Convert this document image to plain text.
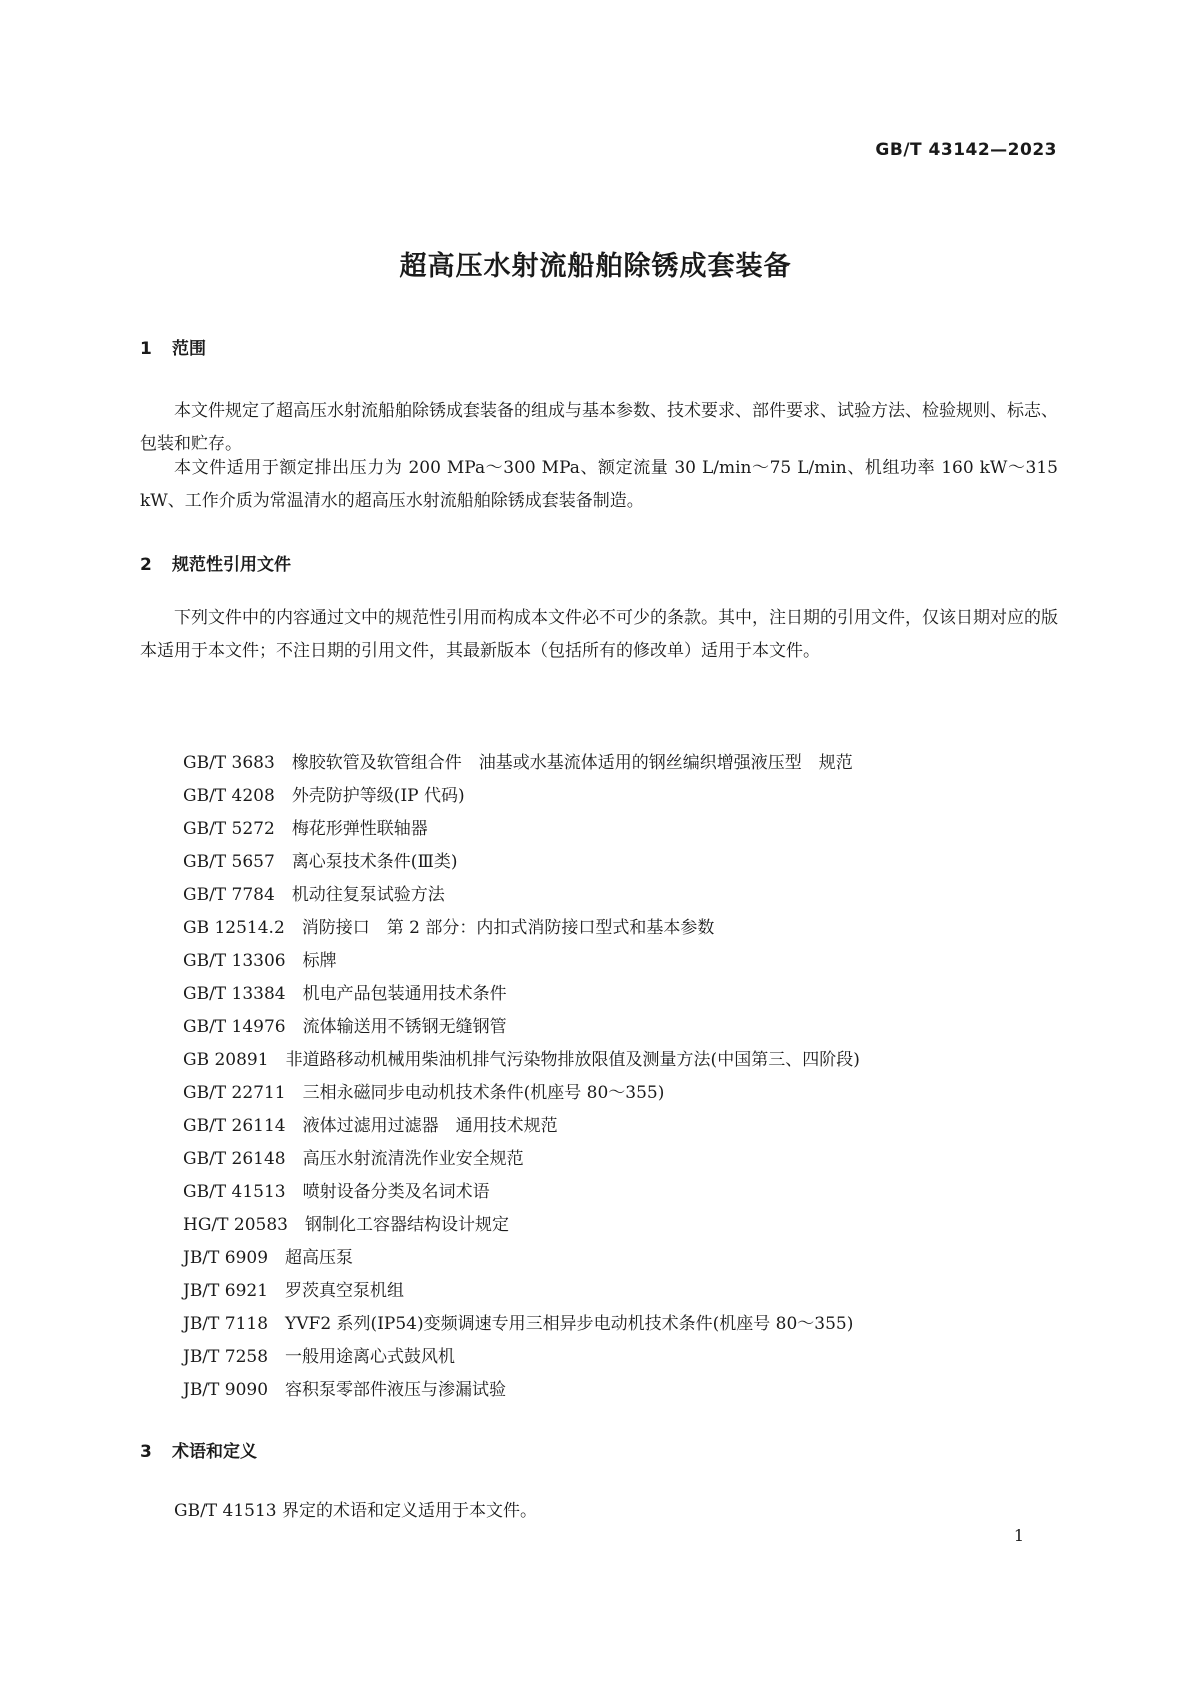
GB/T 43142—2023
超高压水射流船舶除锈成套装备
1 范围

本文件规定了超高压水射流船舶除锈成套装备的组成与基本参数、技术要求、部件要求、试验方法、检验规则、标志、包装和贮存。

本文件适用于额定排出压力为 200 MPa～300 MPa、额定流量 30 L/min～75 L/min、机组功率 160 kW～315 kW、工作介质为常温清水的超高压水射流船舶除锈成套装备制造。

2 规范性引用文件

下列文件中的内容通过文中的规范性引用而构成本文件必不可少的条款。其中，注日期的引用文件，仅该日期对应的版本适用于本文件；不注日期的引用文件，其最新版本（包括所有的修改单）适用于本文件。

GB/T 3683 橡胶软管及软管组合件　油基或水基流体适用的钢丝编织增强液压型　规范
GB/T 4208 外壳防护等级(IP 代码)
GB/T 5272 梅花形弹性联轴器
GB/T 5657 离心泵技术条件(Ⅲ类)
GB/T 7784 机动往复泵试验方法
GB 12514.2 消防接口　第 2 部分：内扣式消防接口型式和基本参数
GB/T 13306 标牌
GB/T 13384 机电产品包装通用技术条件
GB/T 14976 流体输送用不锈钢无缝钢管
GB 20891 非道路移动机械用柴油机排气污染物排放限值及测量方法(中国第三、四阶段)
GB/T 22711 三相永磁同步电动机技术条件(机座号 80～355)
GB/T 26114 液体过滤用过滤器　通用技术规范
GB/T 26148 高压水射流清洗作业安全规范
GB/T 41513 喷射设备分类及名词术语
HG/T 20583 钢制化工容器结构设计规定
JB/T 6909 超高压泵
JB/T 6921 罗茨真空泵机组
JB/T 7118 YVF2 系列(IP54)变频调速专用三相异步电动机技术条件(机座号 80～355)
JB/T 7258 一般用途离心式鼓风机
JB/T 9090 容积泵零部件液压与渗漏试验
3 术语和定义

GB/T 41513 界定的术语和定义适用于本文件。

1
